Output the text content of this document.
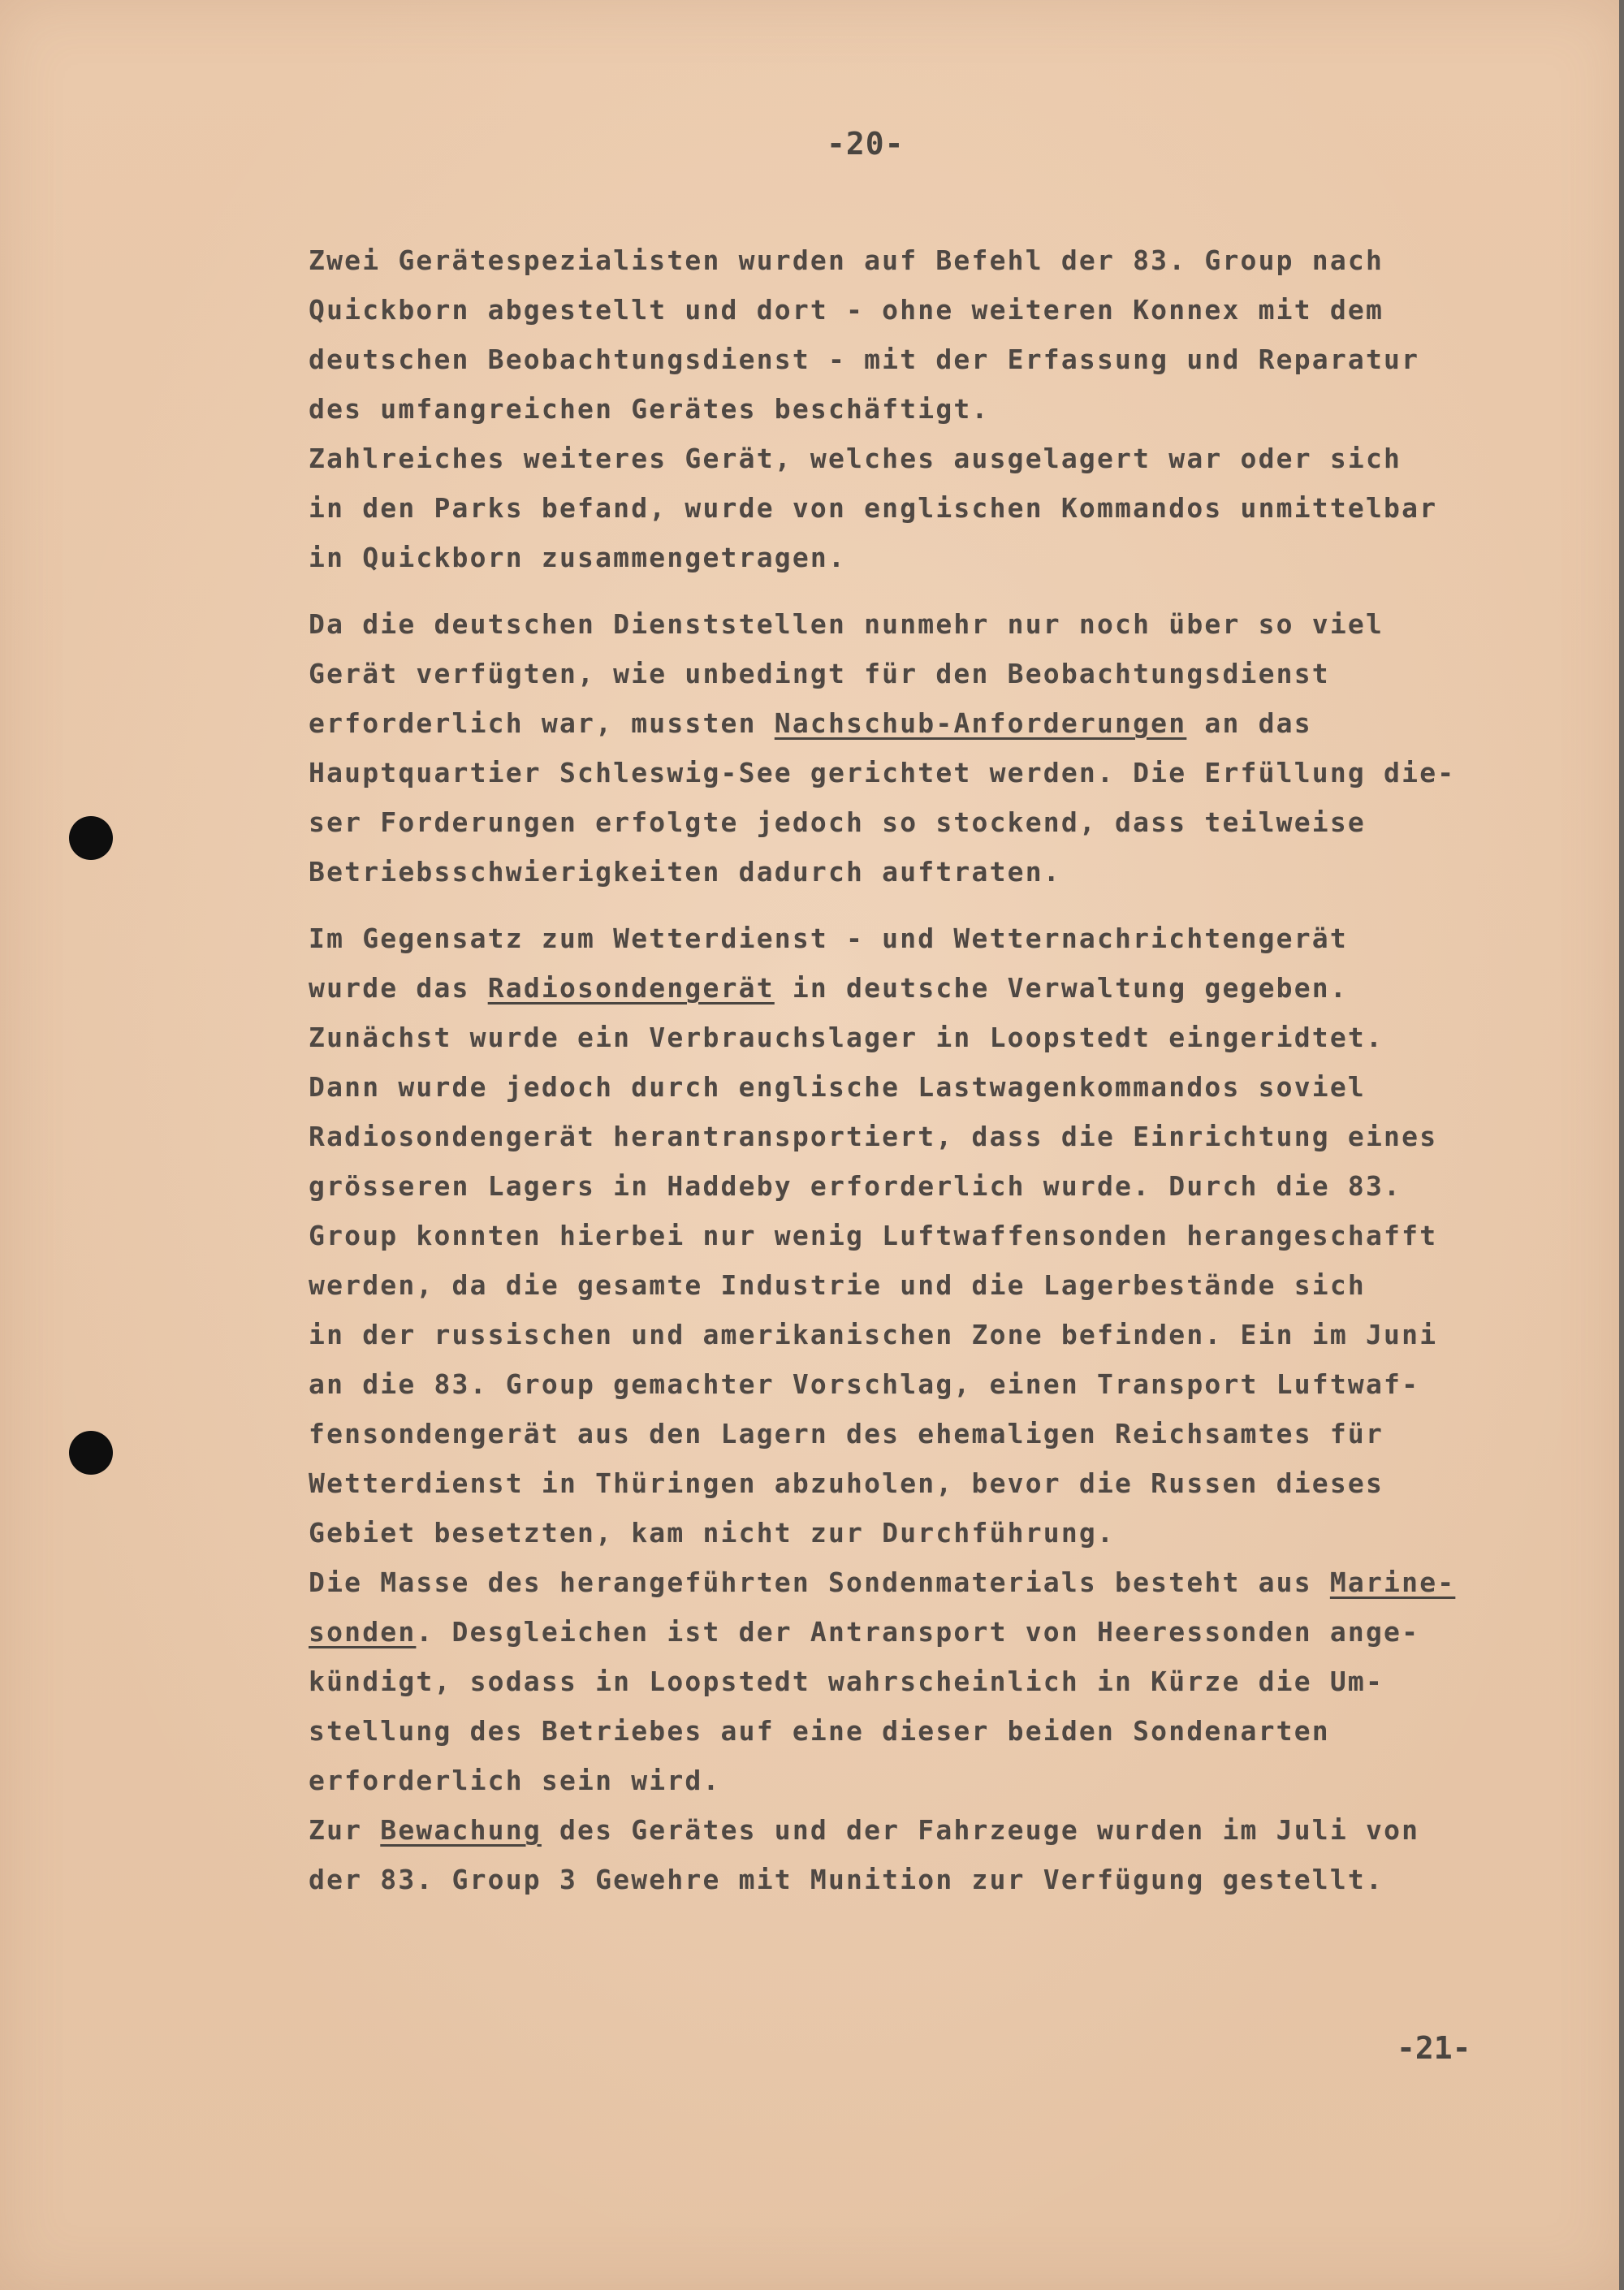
-20-
Zwei Gerätespezialisten wurden auf Befehl der 83. Group nach
Quickborn abgestellt und dort - ohne weiteren Konnex mit dem
deutschen Beobachtungsdienst - mit der Erfassung und Reparatur
des umfangreichen Gerätes beschäftigt.
Zahlreiches weiteres Gerät, welches ausgelagert war oder sich
in den Parks befand, wurde von englischen Kommandos unmittelbar
in Quickborn zusammengetragen.
Da die deutschen Dienststellen nunmehr nur noch über so viel
Gerät verfügten, wie unbedingt für den Beobachtungsdienst
erforderlich war, mussten Nachschub-Anforderungen an das
Hauptquartier Schleswig-See gerichtet werden. Die Erfüllung die-
ser Forderungen erfolgte jedoch so stockend, dass teilweise
Betriebsschwierigkeiten dadurch auftraten.
Im Gegensatz zum Wetterdienst - und Wetternachrichtengerät
wurde das Radiosondengerät in deutsche Verwaltung gegeben.
Zunächst wurde ein Verbrauchslager in Loopstedt eingeridtet.
Dann wurde jedoch durch englische Lastwagenkommandos soviel
Radiosondengerät herantransportiert, dass die Einrichtung eines
grösseren Lagers in Haddeby erforderlich wurde. Durch die 83.
Group konnten hierbei nur wenig Luftwaffensonden herangeschafft
werden, da die gesamte Industrie und die Lagerbestände sich
in der russischen und amerikanischen Zone befinden. Ein im Juni
an die 83. Group gemachter Vorschlag, einen Transport Luftwaf-
fensondengerät aus den Lagern des ehemaligen Reichsamtes für
Wetterdienst in Thüringen abzuholen, bevor die Russen dieses
Gebiet besetzten, kam nicht zur Durchführung.
Die Masse des herangeführten Sondenmaterials besteht aus Marine-
sonden. Desgleichen ist der Antransport von Heeressonden ange-
kündigt, sodass in Loopstedt wahrscheinlich in Kürze die Um-
stellung des Betriebes auf eine dieser beiden Sondenarten
erforderlich sein wird.
Zur Bewachung des Gerätes und der Fahrzeuge wurden im Juli von
der 83. Group 3 Gewehre mit Munition zur Verfügung gestellt.
-21-
